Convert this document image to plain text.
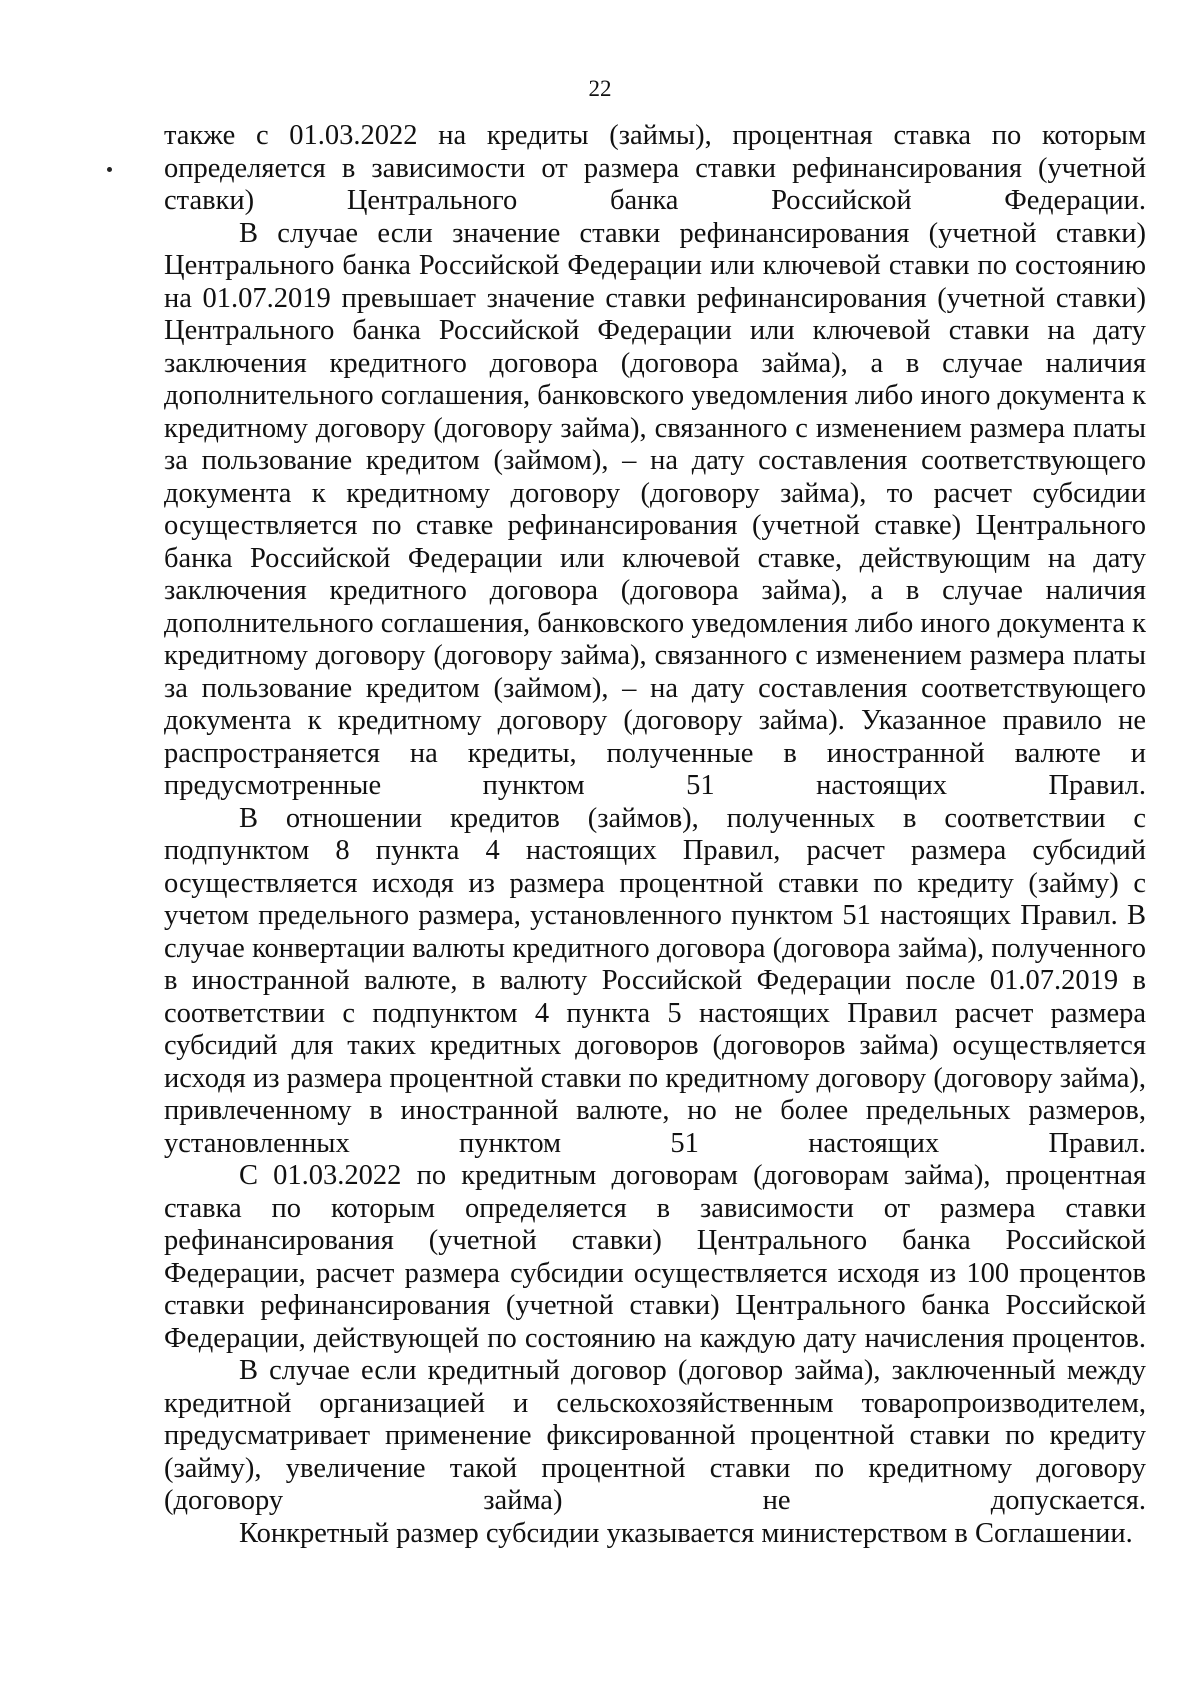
22

также с 01.03.2022 на кредиты (займы), процентная ставка по которым определяется в зависимости от размера ставки рефинансирования (учетной ставки) Центрального банка Российской Федерации.

В случае если значение ставки рефинансирования (учетной ставки) Центрального банка Российской Федерации или ключевой ставки по состоянию на 01.07.2019 превышает значение ставки рефинансирования (учетной ставки) Центрального банка Российской Федерации или ключевой ставки на дату заключения кредитного договора (договора займа), а в случае наличия дополнительного соглашения, банковского уведомления либо иного документа к кредитному договору (договору займа), связанного с изменением размера платы за пользование кредитом (займом), – на дату составления соответствующего документа к кредитному договору (договору займа), то расчет субсидии осуществляется по ставке рефинансирования (учетной ставке) Центрального банка Российской Федерации или ключевой ставке, действующим на дату заключения кредитного договора (договора займа), а в случае наличия дополнительного соглашения, банковского уведомления либо иного документа к кредитному договору (договору займа), связанного с изменением размера платы за пользование кредитом (займом), – на дату составления соответствующего документа к кредитному договору (договору займа). Указанное правило не распространяется на кредиты, полученные в иностранной валюте и предусмотренные пунктом 51 настоящих Правил.

В отношении кредитов (займов), полученных в соответствии с подпунктом 8 пункта 4 настоящих Правил, расчет размера субсидий осуществляется исходя из размера процентной ставки по кредиту (займу) с учетом предельного размера, установленного пунктом 51 настоящих Правил. В случае конвертации валюты кредитного договора (договора займа), полученного в иностранной валюте, в валюту Российской Федерации после 01.07.2019 в соответствии с подпунктом 4 пункта 5 настоящих Правил расчет размера субсидий для таких кредитных договоров (договоров займа) осуществляется исходя из размера процентной ставки по кредитному договору (договору займа), привлеченному в иностранной валюте, но не более предельных размеров, установленных пунктом 51 настоящих Правил.

С 01.03.2022 по кредитным договорам (договорам займа), процентная ставка по которым определяется в зависимости от размера ставки рефинансирования (учетной ставки) Центрального банка Российской Федерации, расчет размера субсидии осуществляется исходя из 100 процентов ставки рефинансирования (учетной ставки) Центрального банка Российской Федерации, действующей по состоянию на каждую дату начисления процентов.

В случае если кредитный договор (договор займа), заключенный между кредитной организацией и сельскохозяйственным товаропроизводителем, предусматривает применение фиксированной процентной ставки по кредиту (займу), увеличение такой процентной ставки по кредитному договору (договору займа) не допускается.

Конкретный размер субсидии указывается министерством в Соглашении.
